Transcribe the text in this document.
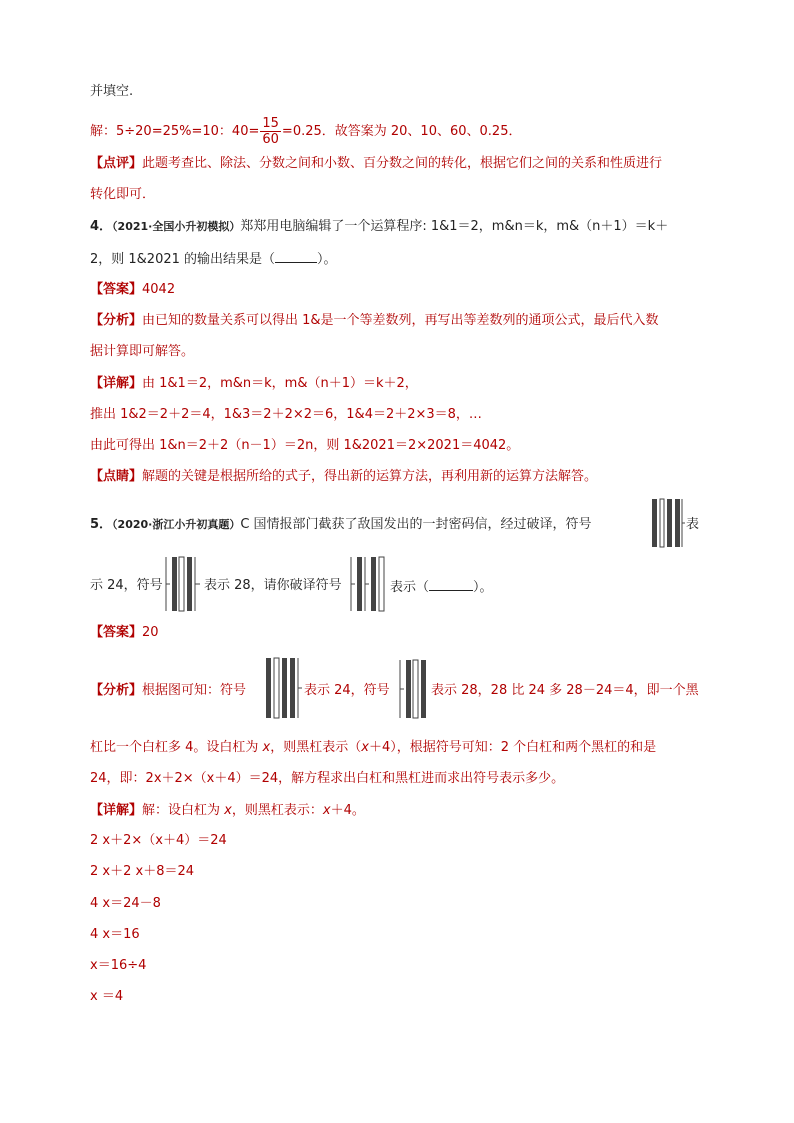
并填空.
解：5÷20=25%=10：$40= \frac{15}{60} =0.25$．故答案为 20、10、60、0.25．
【点评】此题考查比、除法、分数之间和小数、百分数之间的转化，根据它们之间的关系和性质进行
转化即可．
4．（2021·全国小升初模拟）郑郑用电脑编辑了一个运算程序: 1&1＝2，m&n＝k，m&（n＋1）＝k＋
2，则 1&2021 的输出结果是（	）。
【答案】4042
【分析】由已知的数量关系可以得出 1&是一个等差数列，再写出等差数列的通项公式，最后代入数
据计算即可解答。
【详解】由 1&1＝2，m&n＝k，m&（n＋1）＝k＋2，
推出 1&2＝2＋2＝4，1&3＝2＋2×2＝6，1&4＝2＋2×3＝8，…
由此可得出 1&n＝2＋2（n－1）＝2n，则 1&2021＝2×2021＝4042。
【点睛】解题的关键是根据所给的式子，得出新的运算方法，再利用新的运算方法解答。
5．（2020·浙江小升初真题）C 国情报部门截获了敌国发出的一封密码信，经过破译，符号	表
示 24，符号	表示 28，请你破译符号	表示（	）。
【答案】20
【分析】根据图可知：符号	表示 24，符号	表示 28，28 比 24 多 28－24＝4，即一个黑
杠比一个白杠多 4。设白杠为 x，则黑杠表示（x＋4），根据符号可知：2 个白杠和两个黑杠的和是
24，即：2x＋2×（x＋4）＝24，解方程求出白杠和黑杠进而求出符号表示多少。
【详解】解：设白杠为 x，则黑杠表示：x＋4。
2 x＋2×（x＋4）＝24
2 x＋2 x＋8＝24
4 x＝24－8
4 x＝16
x＝16÷4
x ＝4
